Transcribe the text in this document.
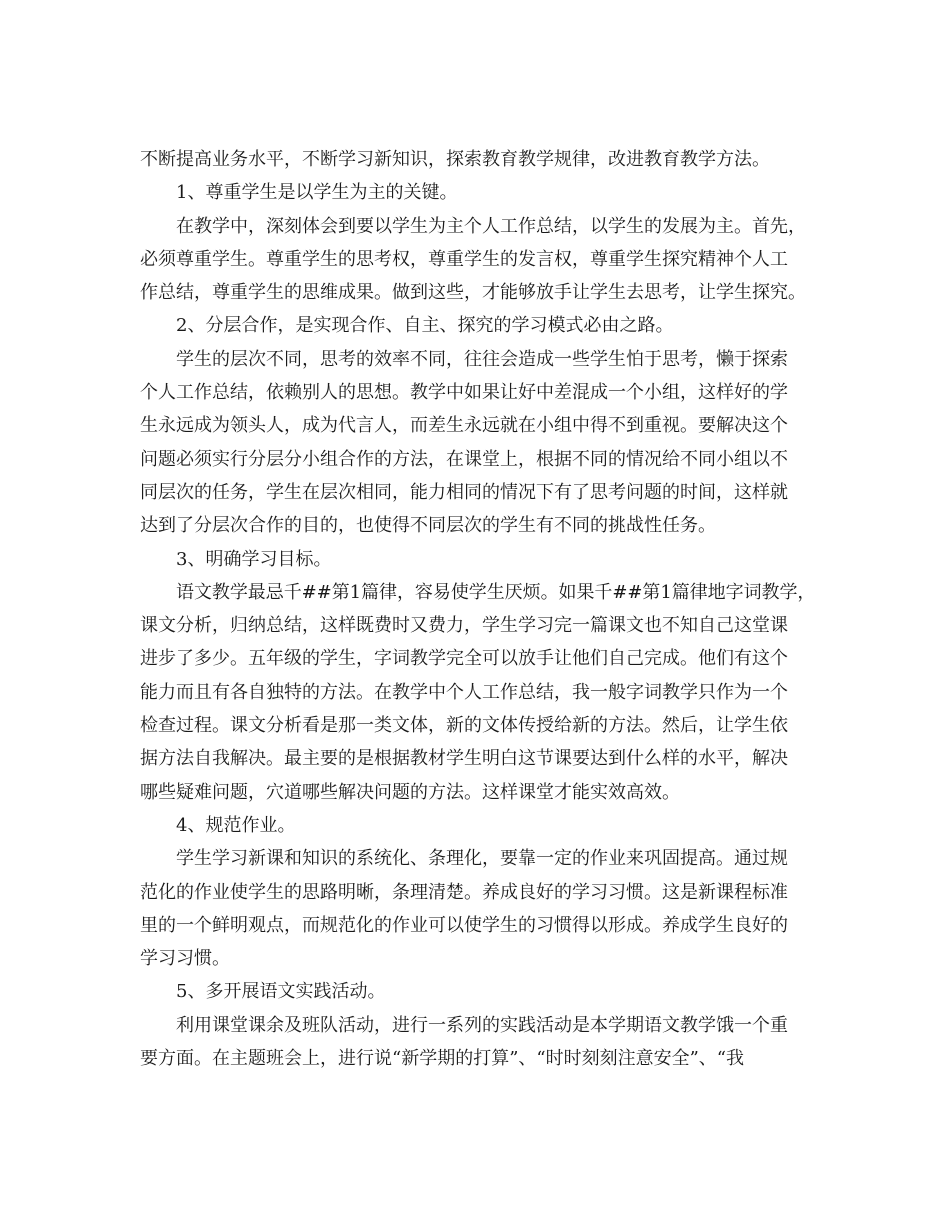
不断提高业务水平，不断学习新知识，探索教育教学规律，改进教育教学方法。
1、尊重学生是以学生为主的关键。
在教学中，深刻体会到要以学生为主个人工作总结，以学生的发展为主。首先，
必须尊重学生。尊重学生的思考权，尊重学生的发言权，尊重学生探究精神个人工
作总结，尊重学生的思维成果。做到这些，才能够放手让学生去思考，让学生探究。
2、分层合作，是实现合作、自主、探究的学习模式必由之路。
学生的层次不同，思考的效率不同，往往会造成一些学生怕于思考，懒于探索
个人工作总结，依赖别人的思想。教学中如果让好中差混成一个小组，这样好的学
生永远成为领头人，成为代言人，而差生永远就在小组中得不到重视。要解决这个
问题必须实行分层分小组合作的方法，在课堂上，根据不同的情况给不同小组以不
同层次的任务，学生在层次相同，能力相同的情况下有了思考问题的时间，这样就
达到了分层次合作的目的，也使得不同层次的学生有不同的挑战性任务。
3、明确学习目标。
语文教学最忌千##第1篇律，容易使学生厌烦。如果千##第1篇律地字词教学，
课文分析，归纳总结，这样既费时又费力，学生学习完一篇课文也不知自己这堂课
进步了多少。五年级的学生，字词教学完全可以放手让他们自己完成。他们有这个
能力而且有各自独特的方法。在教学中个人工作总结，我一般字词教学只作为一个
检查过程。课文分析看是那一类文体，新的文体传授给新的方法。然后，让学生依
据方法自我解决。最主要的是根据教材学生明白这节课要达到什么样的水平，解决
哪些疑难问题，穴道哪些解决问题的方法。这样课堂才能实效高效。
4、规范作业。
学生学习新课和知识的系统化、条理化，要靠一定的作业来巩固提高。通过规
范化的作业使学生的思路明晰，条理清楚。养成良好的学习习惯。这是新课程标准
里的一个鲜明观点，而规范化的作业可以使学生的习惯得以形成。养成学生良好的
学习习惯。
5、多开展语文实践活动。
利用课堂课余及班队活动，进行一系列的实践活动是本学期语文教学饿一个重
要方面。在主题班会上，进行说“新学期的打算”、“时时刻刻注意安全”、“我
